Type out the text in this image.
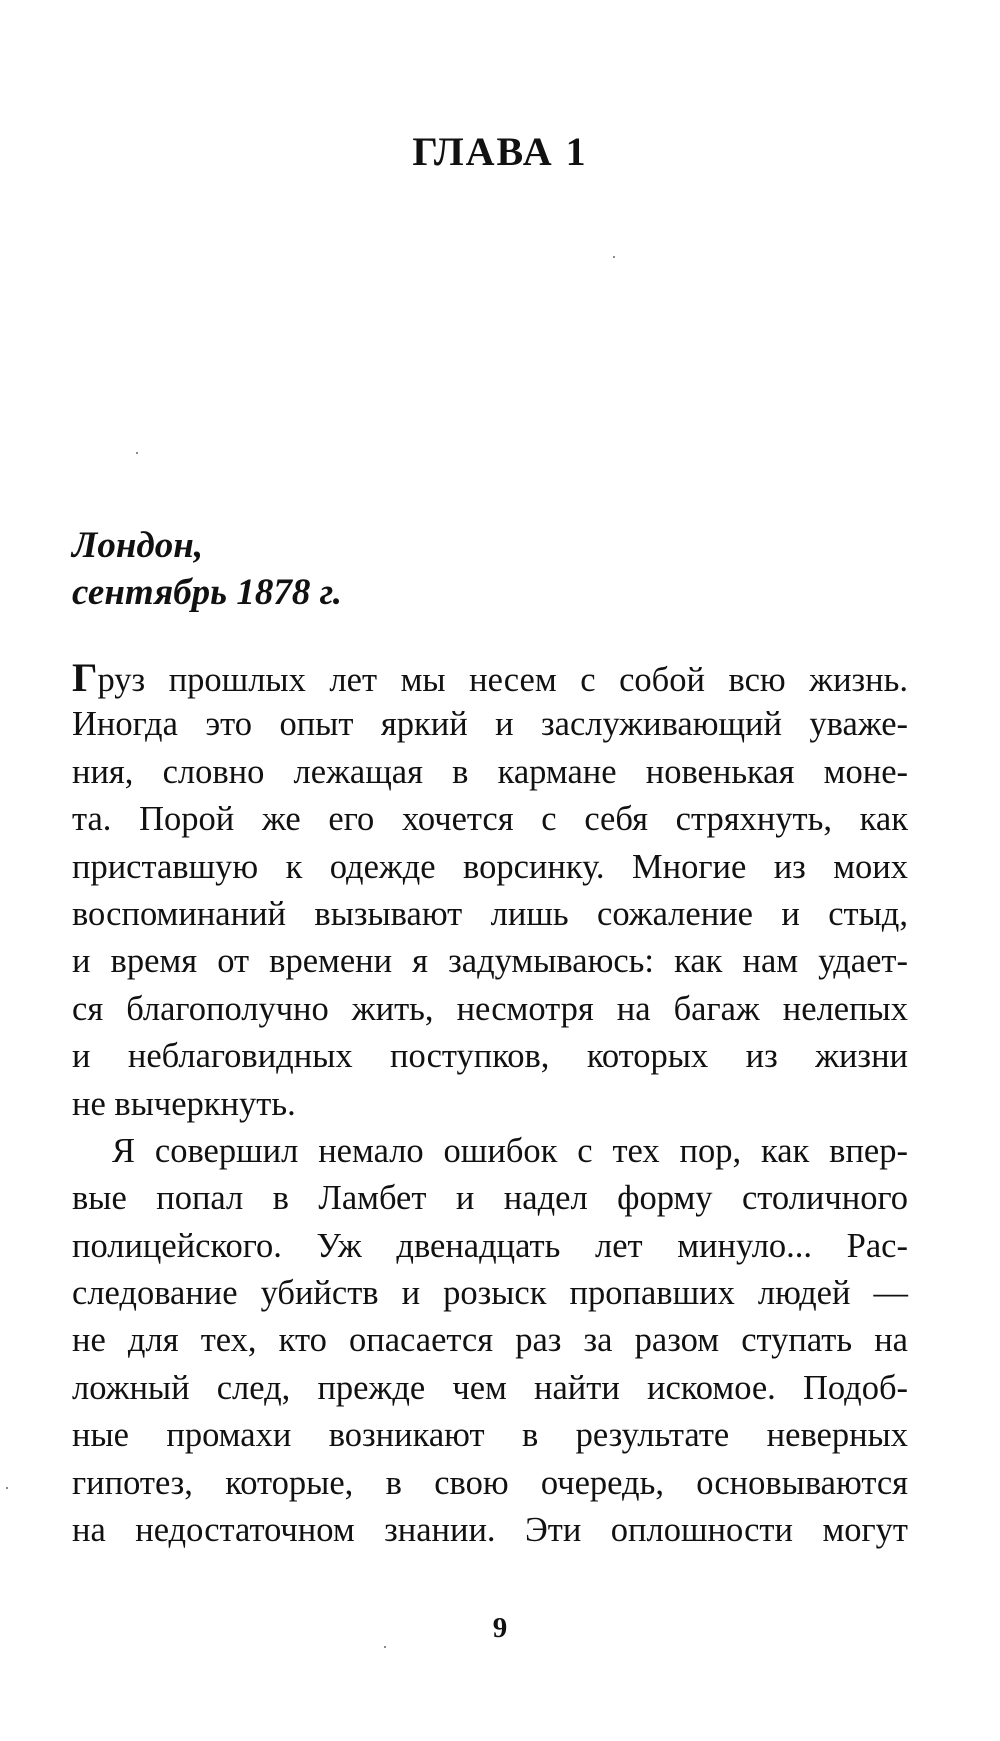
ГЛАВА 1
Лондон,
сентябрь 1878 г.
Груз прошлых лет мы несем с собой всю жизнь.
Иногда это опыт яркий и заслуживающий уваже-
ния, словно лежащая в кармане новенькая моне-
та. Порой же его хочется с себя стряхнуть, как
приставшую к одежде ворсинку. Многие из моих
воспоминаний вызывают лишь сожаление и стыд,
и время от времени я задумываюсь: как нам удает-
ся благополучно жить, несмотря на багаж нелепых
и неблаговидных поступков, которых из жизни
не вычеркнуть.
Я совершил немало ошибок с тех пор, как впер-
вые попал в Ламбет и надел форму столичного
полицейского. Уж двенадцать лет минуло... Рас-
следование убийств и розыск пропавших людей —
не для тех, кто опасается раз за разом ступать на
ложный след, прежде чем найти искомое. Подоб-
ные промахи возникают в результате неверных
гипотез, которые, в свою очередь, основываются
на недостаточном знании. Эти оплошности могут
9
